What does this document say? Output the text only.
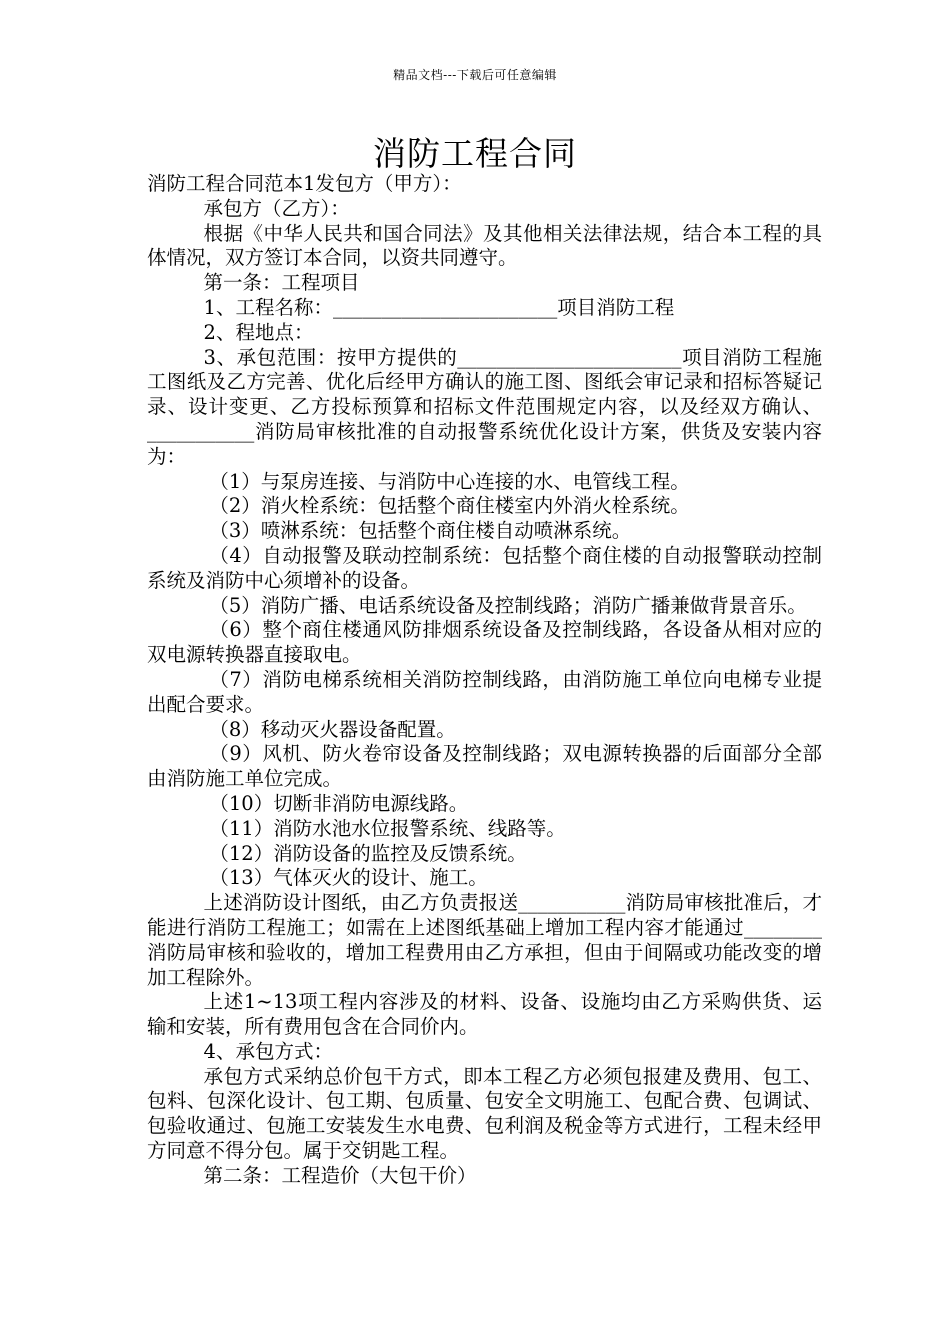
精品文档---下载后可任意编辑
消防工程合同

消防工程合同范本1发包方（甲方）：

承包方（乙方）：

根据《中华人民共和国合同法》及其他相关法律法规，结合本工程的具体情况，双方签订本合同，以资共同遵守。

第一条：工程项目

1、工程名称：_______________________项目消防工程

2、程地点：

3、承包范围：按甲方提供的_______________________项目消防工程施工图纸及乙方完善、优化后经甲方确认的施工图、图纸会审记录和招标答疑记录、设计变更、乙方投标预算和招标文件范围规定内容，以及经双方确认、___________消防局审核批准的自动报警系统优化设计方案，供货及安装内容为：

（1）与泵房连接、与消防中心连接的水、电管线工程。

（2）消火栓系统：包括整个商住楼室内外消火栓系统。

（3）喷淋系统：包括整个商住楼自动喷淋系统。

（4）自动报警及联动控制系统：包括整个商住楼的自动报警联动控制系统及消防中心须增补的设备。

（5）消防广播、电话系统设备及控制线路；消防广播兼做背景音乐。

（6）整个商住楼通风防排烟系统设备及控制线路，各设备从相对应的双电源转换器直接取电。

（7）消防电梯系统相关消防控制线路，由消防施工单位向电梯专业提出配合要求。

（8）移动灭火器设备配置。

（9）风机、防火卷帘设备及控制线路；双电源转换器的后面部分全部由消防施工单位完成。

（10）切断非消防电源线路。

（11）消防水池水位报警系统、线路等。

（12）消防设备的监控及反馈系统。

（13）气体灭火的设计、施工。

上述消防设计图纸，由乙方负责报送___________消防局审核批准后，才能进行消防工程施工；如需在上述图纸基础上增加工程内容才能通过________消防局审核和验收的，增加工程费用由乙方承担，但由于间隔或功能改变的增加工程除外。

上述1~13项工程内容涉及的材料、设备、设施均由乙方采购供货、运输和安装，所有费用包含在合同价内。

4、承包方式：

承包方式采纳总价包干方式，即本工程乙方必须包报建及费用、包工、包料、包深化设计、包工期、包质量、包安全文明施工、包配合费、包调试、包验收通过、包施工安装发生水电费、包利润及税金等方式进行，工程未经甲方同意不得分包。属于交钥匙工程。

第二条：工程造价（大包干价）
